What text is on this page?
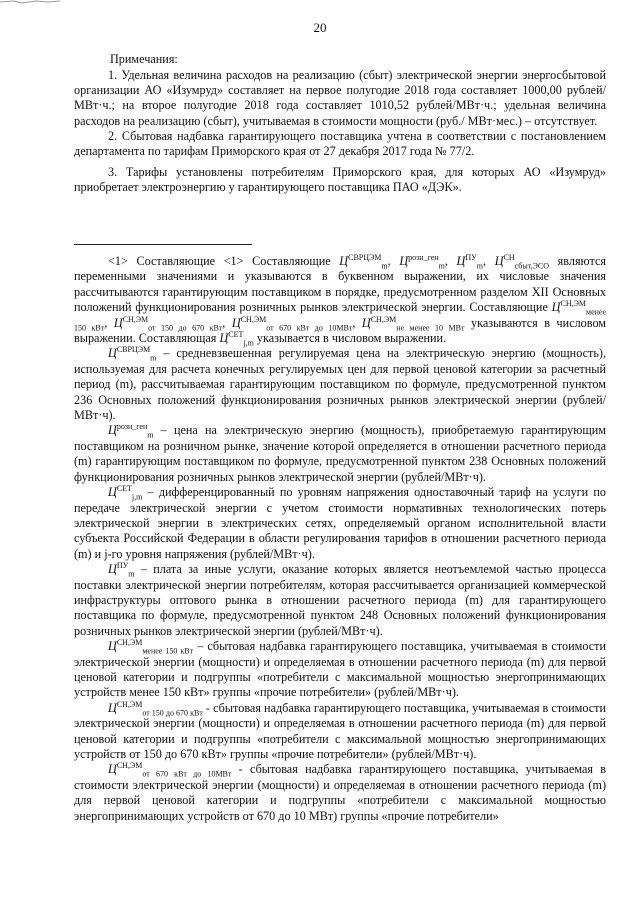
20
Примечания:

1. Удельная величина расходов на реализацию (сбыт) электрической энергии энергосбытовой организации АО «Изумруд» составляет на первое полугодие 2018 года составляет 1000,00 рублей/МВт·ч.; на второе полугодие 2018 года составляет 1010,52 рублей/МВт·ч.; удельная величина расходов на реализацию (сбыт), учитываемая в стоимости мощности (руб./ МВт·мес.) – отсутствует.

2. Сбытовая надбавка гарантирующего поставщика учтена в соответствии с постановлением департамента по тарифам Приморского края от 27 декабря 2017 года № 77/2.

3. Тарифы установлены потребителям Приморского края, для которых АО «Изумруд» приобретает электроэнергию у гарантирующего поставщика ПАО «ДЭК».

<1> Составляющие <1> Составляющие $Ц^{СВРЦЭМ}_m$, $Ц^{розн\_ген}_m$, $Ц^{ПУ}_m$, $Ц^{СН}_{сбыт,ЭСО}$ являются переменными значениями и указываются в буквенном выражении, их числовые значения рассчитываются гарантирующим поставщиком в порядке, предусмотренном разделом XII Основных положений функционирования розничных рынков электрической энергии. Составляющие $Ц^{СН,ЭМ}_{менее 150 кВт}$, $Ц^{СН,ЭМ}_{от 150 до 670 кВт}$, $Ц^{СН,ЭМ}_{от 670 кВт до 10МВт}$, $Ц^{СН,ЭМ}_{не менее 10 МВт}$ указываются в числовом выражении. Составляющая $Ц^{СЕТ}_{j,m}$ указывается в числовом выражении.

$Ц^{СВРЦЭМ}_m$ – средневзвешенная регулируемая цена на электрическую энергию (мощность), используемая для расчета конечных регулируемых цен для первой ценовой категории за расчетный период (m), рассчитываемая гарантирующим поставщиком по формуле, предусмотренной пунктом 236 Основных положений функционирования розничных рынков электрической энергии (рублей/МВт·ч).

$Ц^{розн\_ген}_m$ – цена на электрическую энергию (мощность), приобретаемую гарантирующим поставщиком на розничном рынке, значение которой определяется в отношении расчетного периода (m) гарантирующим поставщиком по формуле, предусмотренной пунктом 238 Основных положений функционирования розничных рынков электрической энергии (рублей/МВт·ч).

$Ц^{СЕТ}_{j,m}$ – дифференцированный по уровням напряжения одноставочный тариф на услуги по передаче электрической энергии с учетом стоимости нормативных технологических потерь электрической энергии в электрических сетях, определяемый органом исполнительной власти субъекта Российской Федерации в области регулирования тарифов в отношении расчетного периода (m) и j-го уровня напряжения (рублей/МВт·ч).

$Ц^{ПУ}_m$ – плата за иные услуги, оказание которых является неотъемлемой частью процесса поставки электрической энергии потребителям, которая рассчитывается организацией коммерческой инфраструктуры оптового рынка в отношении расчетного периода (m) для гарантирующего поставщика по формуле, предусмотренной пунктом 248 Основных положений функционирования розничных рынков электрической энергии (рублей/МВт·ч).

$Ц^{СН,ЭМ}_{менее 150 кВт}$ – сбытовая надбавка гарантирующего поставщика, учитываемая в стоимости электрической энергии (мощности) и определяемая в отношении расчетного периода (m) для первой ценовой категории и подгруппы «потребители с максимальной мощностью энергопринимающих устройств менее 150 кВт» группы «прочие потребители» (рублей/МВт·ч).

$Ц^{СН,ЭМ}_{от 150 до 670 кВт}$ - сбытовая надбавка гарантирующего поставщика, учитываемая в стоимости электрической энергии (мощности) и определяемая в отношении расчетного периода (m) для первой ценовой категории и подгруппы «потребители с максимальной мощностью энергопринимающих устройств от 150 до 670 кВт» группы «прочие потребители» (рублей/МВт·ч).

$Ц^{СН,ЭМ}_{от 670 кВт до 10МВт}$ - сбытовая надбавка гарантирующего поставщика, учитываемая в стоимости электрической энергии (мощности) и определяемая в отношении расчетного периода (m) для первой ценовой категории и подгруппы «потребители с максимальной мощностью энергопринимающих устройств от 670 до 10 МВт) группы «прочие потребители»
